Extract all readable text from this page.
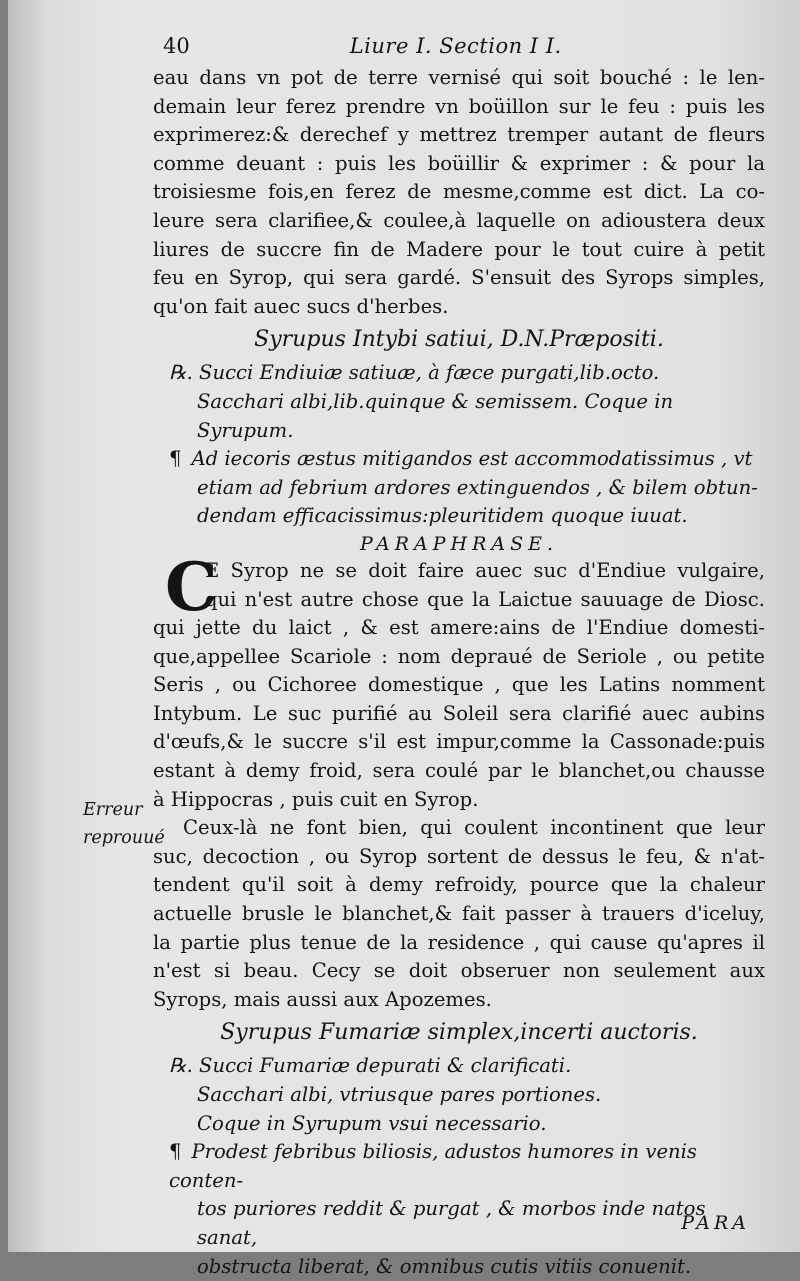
40	Liure I. Section I I.
eau dans vn pot de terre vernisé qui soit bouché : le len-
demain leur ferez prendre vn boüillon sur le feu : puis les
exprimerez:& derechef y mettrez tremper autant de fleurs
comme deuant : puis les boüillir & exprimer : & pour la
troisiesme fois,en ferez de mesme,comme est dict. La co-
leure sera clarifiee,& coulee,à laquelle on adioustera deux
liures de succre fin de Madere pour le tout cuire à petit
feu en Syrop, qui sera gardé. S'ensuit des Syrops simples,
qu'on fait auec sucs d'herbes.
Syrupus Intybi satiui, D.N.Præpositi.
℞. Succi Endiuiæ satiuæ, à fæce purgati,lib.octo.
Sacchari albi,lib.quinque & semissem. Coque in Syrupum.
¶ Ad iecoris æstus mitigandos est accommodatissimus , vt
etiam ad febrium ardores extinguendos , & bilem obtun-
dendam efficacissimus:pleuritidem quoque iuuat.
PARAPHRASE.
C
E Syrop ne se doit faire auec suc d'Endiue vulgaire,
qui n'est autre chose que la Laictue sauuage de Diosc.
qui jette du laict , & est amere:ains de l'Endiue domesti-
que,appellee Scariole : nom depraué de Seriole , ou petite
Seris , ou Cichoree domestique , que les Latins nomment
Intybum. Le suc purifié au Soleil sera clarifié auec aubins
d'œufs,& le succre s'il est impur,comme la Cassonade:puis
estant à demy froid, sera coulé par le blanchet,ou chausse
à Hippocras , puis cuit en Syrop.
Ceux-là ne font bien, qui coulent incontinent que leur
suc, decoction , ou Syrop sortent de dessus le feu, & n'at-
tendent qu'il soit à demy refroidy, pource que la chaleur
actuelle brusle le blanchet,& fait passer à trauers d'iceluy,
la partie plus tenue de la residence , qui cause qu'apres il
n'est si beau. Cecy se doit obseruer non seulement aux
Syrops, mais aussi aux Apozemes.
Syrupus Fumariæ simplex,incerti auctoris.
℞. Succi Fumariæ depurati & clarificati.
Sacchari albi, vtriusque pares portiones.
Coque in Syrupum vsui necessario.
¶ Prodest febribus biliosis, adustos humores in venis conten-
tos puriores reddit & purgat , & morbos inde natos sanat,
obstructa liberat, & omnibus cutis vitiis conuenit.
Erreur
reprouué
PARA
